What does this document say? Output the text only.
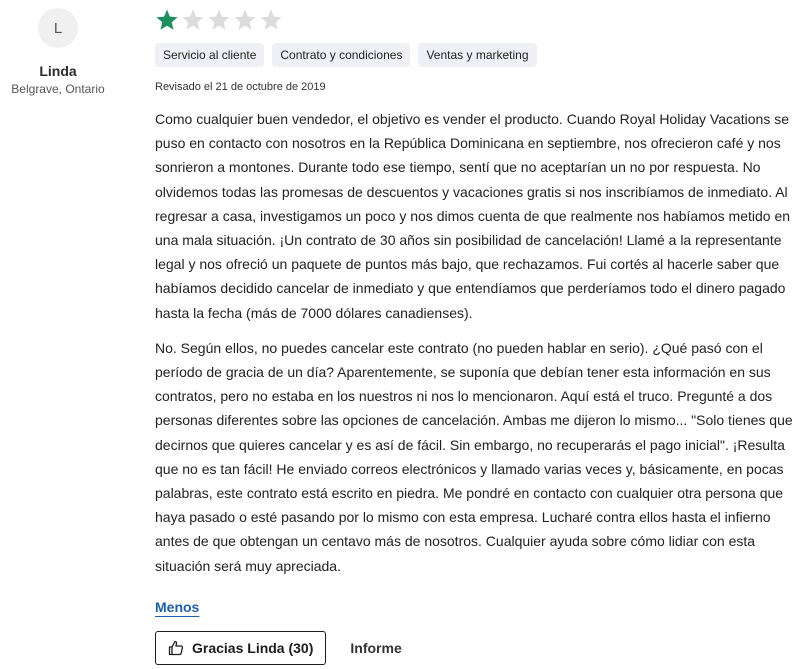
L
Linda
Belgrave, Ontario
Servicio al cliente	Contrato y condiciones	Ventas y marketing
Revisado el 21 de octubre de 2019

Como cualquier buen vendedor, el objetivo es vender el producto. Cuando Royal Holiday Vacations se puso en contacto con nosotros en la República Dominicana en septiembre, nos ofrecieron café y nos sonrieron a montones. Durante todo ese tiempo, sentí que no aceptarían un no por respuesta. No olvidemos todas las promesas de descuentos y vacaciones gratis si nos inscribíamos de inmediato. Al regresar a casa, investigamos un poco y nos dimos cuenta de que realmente nos habíamos metido en una mala situación. ¡Un contrato de 30 años sin posibilidad de cancelación! Llamé a la representante legal y nos ofreció un paquete de puntos más bajo, que rechazamos. Fui cortés al hacerle saber que habíamos decidido cancelar de inmediato y que entendíamos que perderíamos todo el dinero pagado hasta la fecha (más de 7000 dólares canadienses).

No. Según ellos, no puedes cancelar este contrato (no pueden hablar en serio). ¿Qué pasó con el período de gracia de un día? Aparentemente, se suponía que debían tener esta información en sus contratos, pero no estaba en los nuestros ni nos lo mencionaron. Aquí está el truco. Pregunté a dos personas diferentes sobre las opciones de cancelación. Ambas me dijeron lo mismo... "Solo tienes que decirnos que quieres cancelar y es así de fácil. Sin embargo, no recuperarás el pago inicial". ¡Resulta que no es tan fácil! He enviado correos electrónicos y llamado varias veces y, básicamente, en pocas palabras, este contrato está escrito en piedra. Me pondré en contacto con cualquier otra persona que haya pasado o esté pasando por lo mismo con esta empresa. Lucharé contra ellos hasta el infierno antes de que obtengan un centavo más de nosotros. Cualquier ayuda sobre cómo lidiar con esta situación será muy apreciada.

Menos
Gracias Linda (30)	Informe
